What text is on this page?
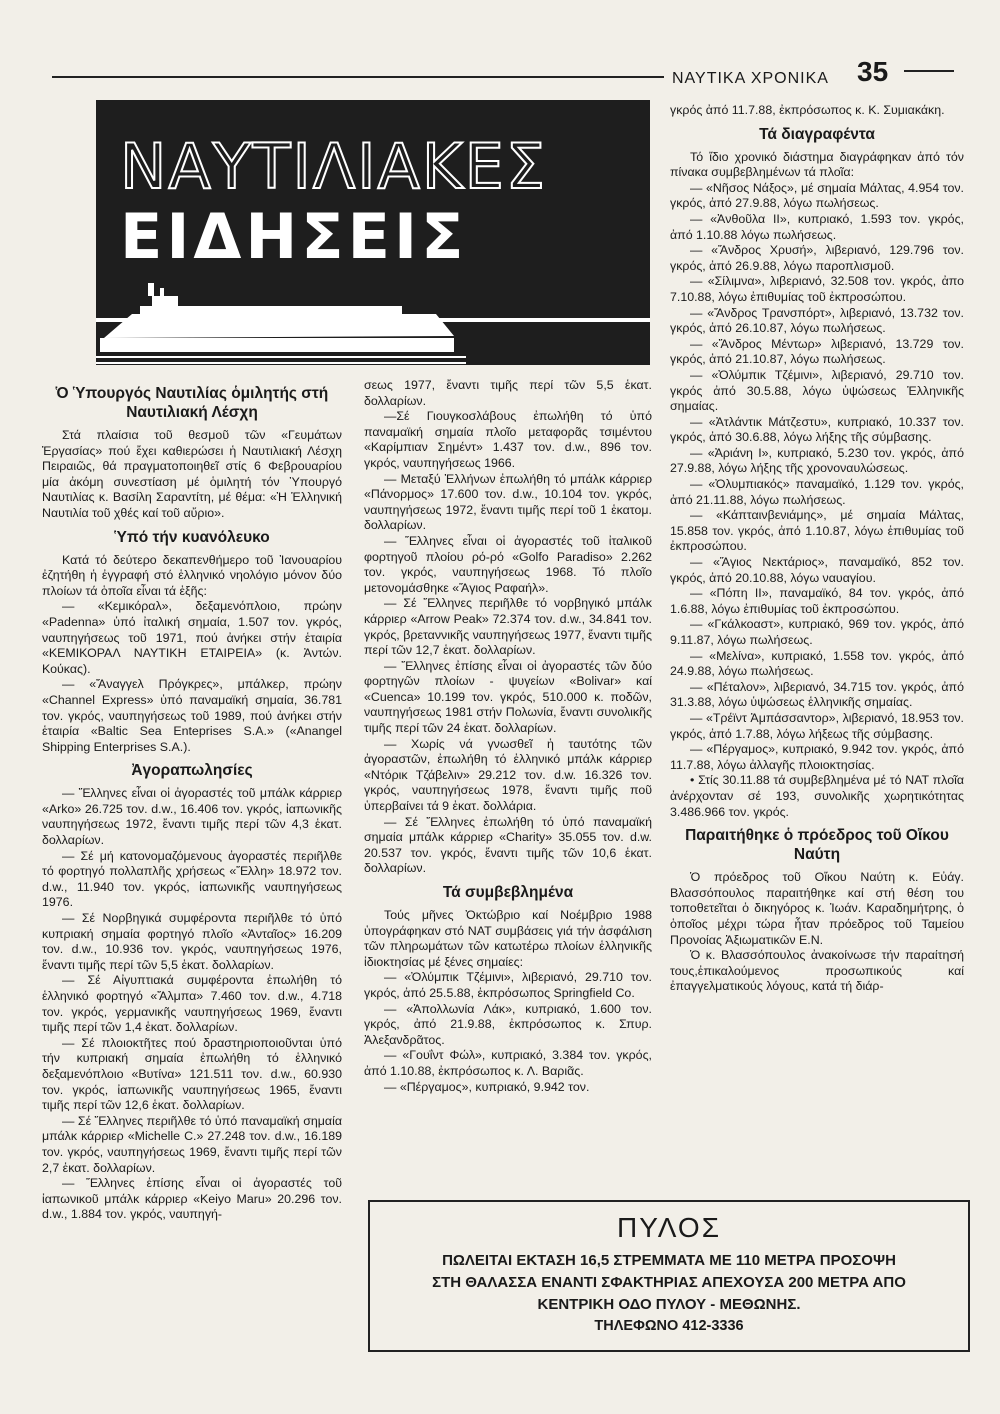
ΝΑΥΤΙΚΑ ΧΡΟΝΙΚΑ 35
ΝΑΥΤΙΛΙΑΚΕΣ
ΕΙΔΗΣΕΙΣ
Ὁ Ὑπουργός Ναυτιλίας ὁμιλητής στή Ναυτιλιακή Λέσχη

Στά πλαίσια τοῦ θεσμοῦ τῶν «Γευμάτων Ἐργασίας» πού ἔχει καθιερώσει ἡ Ναυτιλιακή Λέσχη Πειραιῶς, θά πραγματοποιηθεῖ στίς 6 Φεβρουαρίου μία ἀκόμη συνεστίαση μέ ὁμιλητή τόν Ὑπουργό Ναυτιλίας κ. Βασίλη Σαραντίτη, μέ θέμα: «Ἡ Ἑλληνική Ναυτιλία τοῦ χθές καί τοῦ αὔριο».

Ὑπό τήν κυανόλευκο

Κατά τό δεύτερο δεκαπενθήμερο τοῦ Ἰανουαρίου ἐζητήθη ἡ ἐγγραφή στό ἑλληνικό νηολόγιο μόνον δύο πλοίων τά ὁποῖα εἶναι τά ἑξῆς:

— «Κεμικόραλ», δεξαμενόπλοιο, πρώην «Padenna» ὑπό ἰταλική σημαία, 1.507 τον. γκρός, ναυπηγήσεως τοῦ 1971, πού ἀνήκει στήν ἑταιρία «ΚΕΜΙΚΟΡΑΛ ΝΑΥΤΙΚΗ ΕΤΑΙΡΕΙΑ» (κ. Ἀντών. Κούκας).

— «Ἄναγγελ Πρόγκρες», μπάλκερ, πρώην «Channel Express» ὑπό παναμαϊκή σημαία, 36.781 τον. γκρός, ναυπηγήσεως τοῦ 1989, πού ἀνήκει στήν ἑταιρία «Baltic Sea Enteprises S.A.» («Anangel Shipping Enterprises S.A.).

Ἀγοραπωλησίες

— Ἕλληνες εἶναι οἱ ἀγοραστές τοῦ μπάλκ κάρριερ «Arko» 26.725 τον. d.w., 16.406 τον. γκρός, ἰαπωνικῆς ναυπηγήσεως 1972, ἔναντι τιμῆς περί τῶν 4,3 ἑκατ. δολλαρίων.

— Σέ μή κατονομαζόμενους ἀγοραστές περιῆλθε τό φορτηγό πολλαπλῆς χρήσεως «Ἕλλη» 18.972 τον. d.w., 11.940 τον. γκρός, ἰαπωνικῆς ναυπηγήσεως 1976.

— Σέ Νορβηγικά συμφέροντα περιῆλθε τό ὑπό κυπριακή σημαία φορτηγό πλοῖο «Ἀνταῖος» 16.209 τον. d.w., 10.936 τον. γκρός, ναυπηγήσεως 1976, ἔναντι τιμῆς περί τῶν 5,5 ἑκατ. δολλαρίων.

— Σέ Αἰγυπτιακά συμφέροντα ἐπωλήθη τό ἑλληνικό φορτηγό «Ἄλμπα» 7.460 τον. d.w., 4.718 τον. γκρός, γερμανικῆς ναυπηγήσεως 1969, ἔναντι τιμῆς περί τῶν 1,4 ἑκατ. δολλαρίων.

— Σέ πλοιοκτῆτες πού δραστηριοποιοῦνται ὑπό τήν κυπριακή σημαία ἐπωλήθη τό ἑλληνικό δεξαμενόπλοιο «Βυτίνα» 121.511 τον. d.w., 60.930 τον. γκρός, ἰαπωνικῆς ναυπηγήσεως 1965, ἔναντι τιμῆς περί τῶν 12,6 ἑκατ. δολλαρίων.

— Σέ Ἕλληνες περιῆλθε τό ὑπό παναμαϊκή σημαία μπάλκ κάρριερ «Michelle C.» 27.248 τον. d.w., 16.189 τον. γκρός, ναυπηγήσεως 1969, ἔναντι τιμῆς περί τῶν 2,7 ἑκατ. δολλαρίων.

— Ἕλληνες ἐπίσης εἶναι οἱ ἀγοραστές τοῦ ἰαπωνικοῦ μπάλκ κάρριερ «Keiyo Maru» 20.296 τον. d.w., 1.884 τον. γκρός, ναυπηγή-

σεως 1977, ἔναντι τιμῆς περί τῶν 5,5 ἑκατ. δολλαρίων.

—Σέ Γιουγκοσλάβους ἐπωλήθη τό ὑπό παναμαϊκή σημαία πλοῖο μεταφορᾶς τσιμέντου «Καρίμπιαν Σημέντ» 1.437 τον. d.w., 896 τον. γκρός, ναυπηγήσεως 1966.

— Μεταξύ Ἑλλήνων ἐπωλήθη τό μπάλκ κάρριερ «Πάνορμος» 17.600 τον. d.w., 10.104 τον. γκρός, ναυπηγήσεως 1972, ἔναντι τιμῆς περί τοῦ 1 ἑκατομ. δολλαρίων.

— Ἕλληνες εἶναι οἱ ἀγοραστές τοῦ ἰταλικοῦ φορτηγοῦ πλοίου ρό-ρό «Golfo Paradiso» 2.262 τον. γκρός, ναυπηγήσεως 1968. Τό πλοῖο μετονομάσθηκε «Ἅγιος Ραφαήλ».

— Σέ Ἕλληνες περιῆλθε τό νορβηγικό μπάλκ κάρριερ «Arrow Peak» 72.374 τον. d.w., 34.841 τον. γκρός, βρεταννικῆς ναυπηγήσεως 1977, ἔναντι τιμῆς περί τῶν 12,7 ἑκατ. δολλαρίων.

— Ἕλληνες ἐπίσης εἶναι οἱ ἀγοραστές τῶν δύο φορτηγῶν πλοίων - ψυγείων «Bolivar» καί «Cuenca» 10.199 τον. γκρός, 510.000 κ. ποδῶν, ναυπηγήσεως 1981 στήν Πολωνία, ἔναντι συνολικῆς τιμῆς περί τῶν 24 ἑκατ. δολλαρίων.

— Χωρίς νά γνωσθεῖ ἡ ταυτότης τῶν ἀγοραστῶν, ἐπωλήθη τό ἑλληνικό μπάλκ κάρριερ «Ντόρικ Τζάβελιν» 29.212 τον. d.w. 16.326 τον. γκρός, ναυπηγήσεως 1978, ἔναντι τιμῆς ποῦ ὑπερβαίνει τά 9 ἑκατ. δολλάρια.

— Σέ Ἕλληνες ἐπωλήθη τό ὑπό παναμαϊκή σημαία μπάλκ κάρριερ «Charity» 35.055 τον. d.w. 20.537 τον. γκρός, ἔναντι τιμῆς τῶν 10,6 ἑκατ. δολλαρίων.

Τά συμβεβλημένα

Τούς μῆνες Ὀκτώβριο καί Νοέμβριο 1988 ὑπογράφηκαν στό ΝΑΤ συμβάσεις γιά τήν ἀσφάλιση τῶν πληρωμάτων τῶν κατωτέρω πλοίων ἑλληνικῆς ἰδιοκτησίας μέ ξένες σημαίες:

— «Ὀλύμπικ Τζέμινι», λιβεριανό, 29.710 τον. γκρός, ἀπό 25.5.88, ἐκπρόσωπος Springfield Co.

— «Ἀπολλωνία Λάκ», κυπριακό, 1.600 τον. γκρός, ἀπό 21.9.88, ἐκπρόσωπος κ. Σπυρ. Ἀλεξανδρᾶτος.

— «Γουΐντ Φώλ», κυπριακό, 3.384 τον. γκρός, ἀπό 1.10.88, ἐκπρόσωπος κ. Λ. Βαριᾶς.

— «Πέργαμος», κυπριακό, 9.942 τον.

γκρός ἀπό 11.7.88, ἐκπρόσωπος κ. Κ. Συμιακάκη.

Τά διαγραφέντα

Τό ἴδιο χρονικό διάστημα διαγράφηκαν ἀπό τόν πίνακα συμβεβλημένων τά πλοῖα:

— «Νῆσος Νάξος», μέ σημαία Μάλτας, 4.954 τον. γκρός, ἀπό 27.9.88, λόγω πωλήσεως.

— «Ἀνθοῦλα ΙΙ», κυπριακό, 1.593 τον. γκρός, ἀπό 1.10.88 λόγω πωλήσεως.

— «Ἄνδρος Χρυσή», λιβεριανό, 129.796 τον. γκρός, ἀπό 26.9.88, λόγω παροπλισμοῦ.

— «Σίλιμνα», λιβεριανό, 32.508 τον. γκρός, ἀπο 7.10.88, λόγω ἐπιθυμίας τοῦ ἐκπροσώπου.

— «Ἄνδρος Τρανσπόρτ», λιβεριανό, 13.732 τον. γκρός, ἀπό 26.10.87, λόγω πωλήσεως.

— «Ἄνδρος Μέντωρ» λιβεριανό, 13.729 τον. γκρός, ἀπό 21.10.87, λόγω πωλήσεως.

— «Ὀλύμπικ Τζέμινι», λιβεριανό, 29.710 τον. γκρός ἀπό 30.5.88, λόγω ὑψώσεως Ἑλληνικῆς σημαίας.

— «Ἀτλάντικ Μάτζεστυ», κυπριακό, 10.337 τον. γκρός, ἀπό 30.6.88, λόγω λήξης τῆς σύμβασης.

— «Ἀριάνη Ι», κυπριακό, 5.230 τον. γκρός, ἀπό 27.9.88, λόγω λήξης τῆς χρονοναυλώσεως.

— «Ὀλυμπιακός» παναμαϊκό, 1.129 τον. γκρός, ἀπό 21.11.88, λόγω πωλήσεως.

— «Κάπταινβενιάμης», μέ σημαία Μάλτας, 15.858 τον. γκρός, ἀπό 1.10.87, λόγω ἐπιθυμίας τοῦ ἐκπροσώπου.

— «Ἅγιος Νεκτάριος», παναμαϊκό, 852 τον. γκρός, ἀπό 20.10.88, λόγω ναυαγίου.

— «Πόπη ΙΙ», παναμαϊκό, 84 τον. γκρός, ἀπό 1.6.88, λόγω ἐπιθυμίας τοῦ ἐκπροσώπου.

— «Γκάλκοαστ», κυπριακό, 969 τον. γκρός, ἀπό 9.11.87, λόγω πωλήσεως.

— «Μελίνα», κυπριακό, 1.558 τον. γκρός, ἀπό 24.9.88, λόγω πωλήσεως.

— «Πέταλον», λιβεριανό, 34.715 τον. γκρός, ἀπό 31.3.88, λόγω ὑψώσεως ἑλληνικῆς σημαίας.

— «Τρέϊντ Ἀμπάσσαντορ», λιβεριανό, 18.953 τον. γκρός, ἀπό 1.7.88, λόγω λήξεως τῆς σύμβασης.

— «Πέργαμος», κυπριακό, 9.942 τον. γκρός, ἀπό 11.7.88, λόγω ἀλλαγῆς πλοιοκτησίας.

• Στίς 30.11.88 τά συμβεβλημένα μέ τό ΝΑΤ πλοῖα ἀνέρχονταν σέ 193, συνολικῆς χωρητικότητας 3.486.966 τον. γκρός.

Παραιτήθηκε ὁ πρόεδρος τοῦ Οἴκου Ναύτη

Ὁ πρόεδρος τοῦ Οἴκου Ναύτη κ. Εὐάγ. Βλασσόπουλος παραιτήθηκε καί στή θέση του τοποθετεῖται ὁ δικηγόρος κ. Ἰωάν. Καραδημήτρης, ὁ ὁποῖος μέχρι τώρα ἦταν πρόεδρος τοῦ Ταμείου Προνοίας Ἀξιωματικῶν Ε.Ν.

Ὁ κ. Βλασσόπουλος ἀνακοίνωσε τήν παραίτησή τους,ἐπικαλούμενος προσωπικούς καί ἐπαγγελματικούς λόγους, κατά τή διάρ-

ΠΥΛΟΣ
ΠΩΛΕΙΤΑΙ ΕΚΤΑΣΗ 16,5 ΣΤΡΕΜΜΑΤΑ ΜΕ 110 ΜΕΤΡΑ ΠΡΟΣΟΨΗ
ΣΤΗ ΘΑΛΑΣΣΑ ΕΝΑΝΤΙ ΣΦΑΚΤΗΡΙΑΣ ΑΠΕΧΟΥΣΑ 200 ΜΕΤΡΑ ΑΠΟ
ΚΕΝΤΡΙΚΗ ΟΔΟ ΠΥΛΟΥ - ΜΕΘΩΝΗΣ.
ΤΗΛΕΦΩΝΟ 412-3336
